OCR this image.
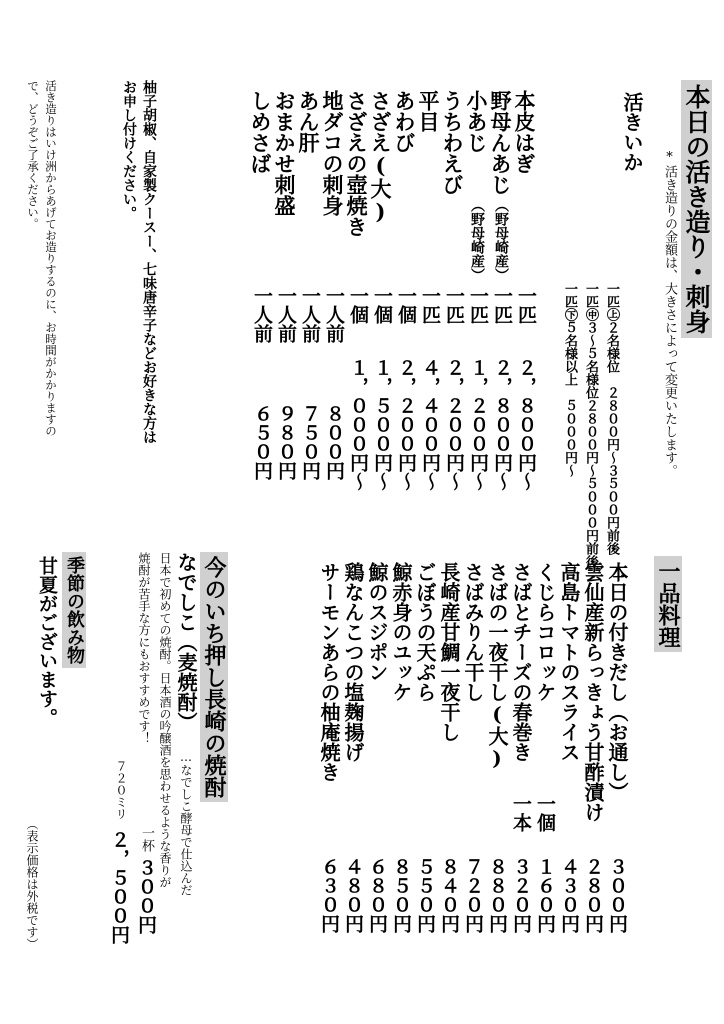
本日の活き造り・刺身
*活き造りの金額は、大きさによって変更いたします。
活きいか
一匹㊤２名様位　２８００円〜３５００円前後
一匹㊥３〜５名様位２８００円〜５０００円前後
一匹㊦５名様以上　５０００円〜
本皮はぎ
一匹
２，８００円〜
野母んあじ
（野母崎産）
一匹
２，８００円〜
小あじ
（野母崎産）
一匹
１，２００円〜
うちわえび
一匹
２，２００円〜
平目
一匹
４，４００円〜
あわび
一個
２，２００円〜
さざえ(大)
一個
１，５００円〜
さざえの壺焼き
一個
１，０００円〜
地ダコの刺身
一人前
８００円
あん肝
一人前
７５０円
おまかせ刺盛
一人前
９８０円
しめさば
一人前
６５０円
柚子胡椒、自家製クースー、七味唐辛子などお好きな方は
お申し付けください。
活き造りはいけ洲からあげてお造りするのに、お時間がかかりますの
で、どうぞご了承ください。
一品料理
本日の付きだし（お通し）
３００円
雲仙産新らっきょう甘酢漬け
２８０円
高島トマトのスライス
４３０円
くじらコロッケ
一個
１６０円
さばとチーズの春巻き
一本
３２０円
さばの一夜干し(大)
８８０円
さばみりん干し
７２０円
長崎産甘鯛一夜干し
８４０円
ごぼうの天ぷら
５５０円
鯨赤身のユッケ
８５０円
鯨のスジポン
６８０円
鶏なんこつの塩麹揚げ
４８０円
サーモンあらの柚庵焼き
６３０円
今のいち押し長崎の焼酎
なでしこ（麦焼酎）
…なでしこ酵母で仕込んだ
日本で初めての焼酎。日本酒の吟醸酒を思わせるような香りが
焼酎が苦手な方にもおすすめです！
一杯
３００円
７２０ミリ
２，５００円
季節の飲み物
甘夏がございます。
（表示価格は外税です）
